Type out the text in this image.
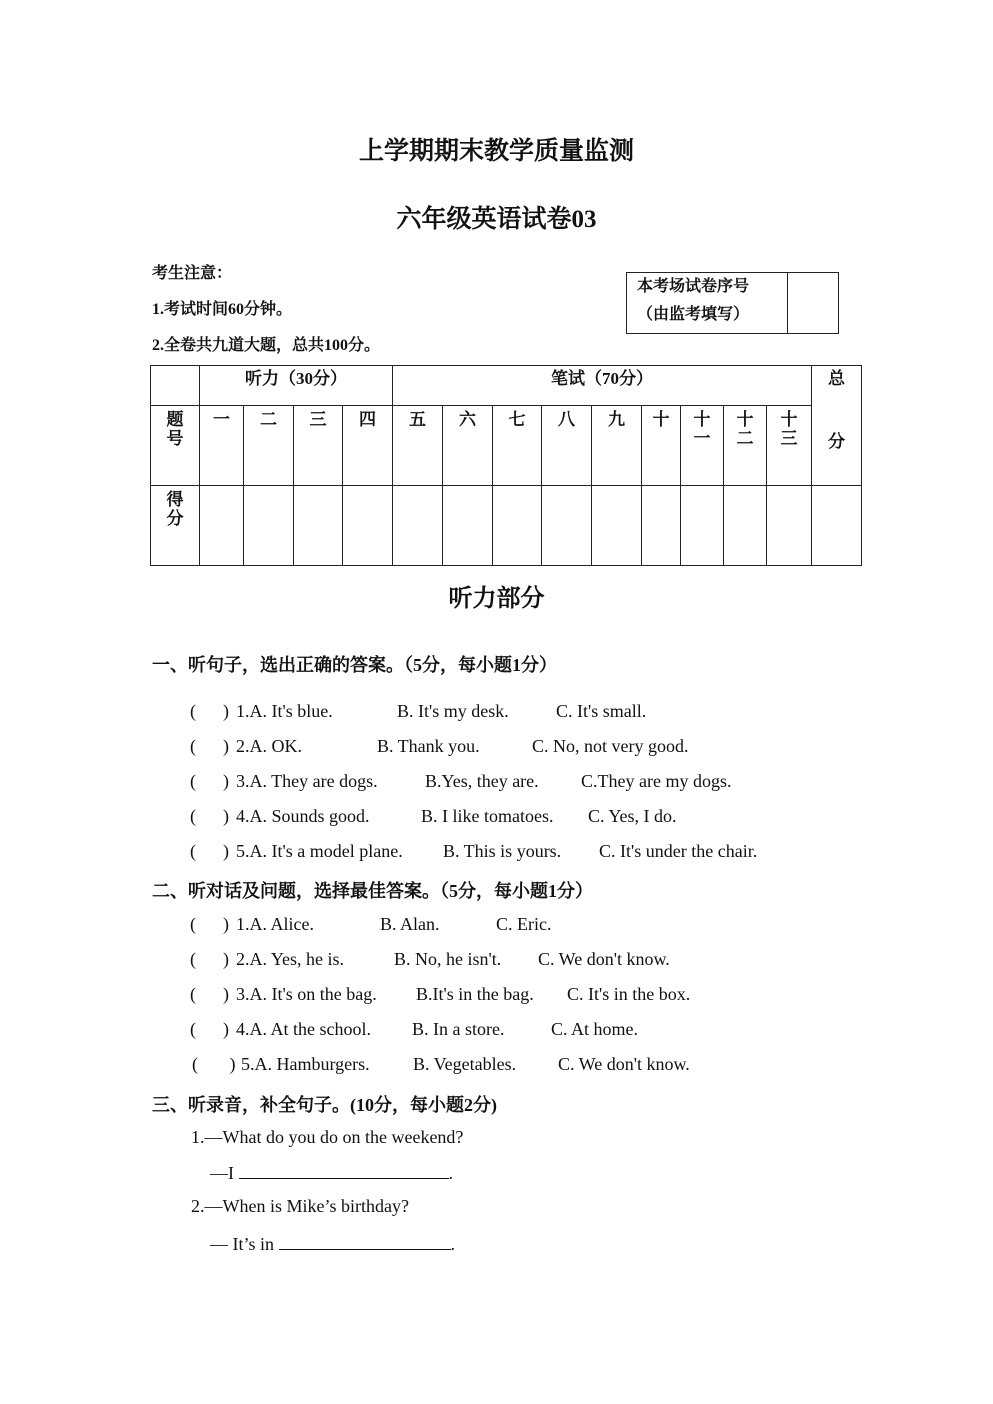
上学期期末教学质量监测
六年级英语试卷03
考生注意：
1.考试时间60分钟。
2.全卷共九道大题，总共100分。
本考场试卷序号
（由监考填写）

	听力（30分）				笔试（70分）									总
分

题号	一	二	三	四	五	六	七	八	九	十	十一	十二	十三	
得分														
听力部分
一、听句子，选出正确的答案。（5分，每小题1分）
(      ) 1.A. It's blue.	B. It's my desk.	C. It's small.
(      ) 2.A. OK.	B. Thank you.	C. No, not very good.
(      ) 3.A. They are dogs.	B.Yes, they are. C.They are my dogs.
(      ) 4.A. Sounds good.	B. I like tomatoes. C. Yes, I do.
(      ) 5.A. It's a model plane. B. This is yours. C. It's under the chair.
二、听对话及问题，选择最佳答案。（5分，每小题1分）
(      ) 1.A. Alice.	B. Alan.	C. Eric.
(      ) 2.A. Yes, he is.	B. No, he isn't. C. We don't know.
(      ) 3.A. It's on the bag. B.It's in the bag. C. It's in the box.
(      ) 4.A. At the school. B. In a store.	C. At home.
(       ) 5.A. Hamburgers. B. Vegetables. C. We don't know.
三、听录音，补全句子。(10分，每小题2分)
1.—What do you do on the weekend?
—I	.
2.—When is Mike’s birthday?
— It’s in	.
